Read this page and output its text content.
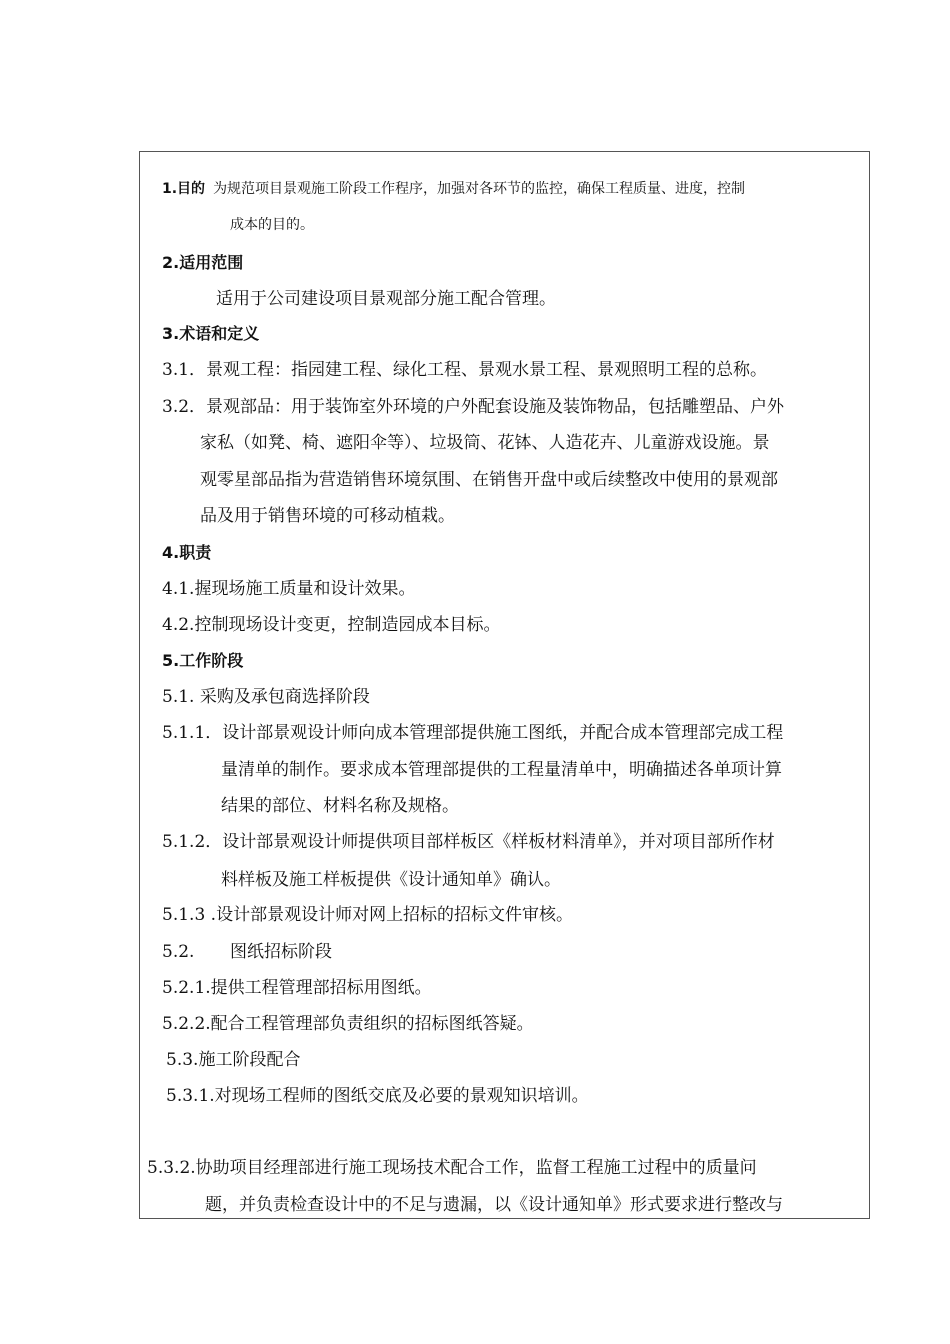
1.目的 为规范项目景观施工阶段工作程序，加强对各环节的监控，确保工程质量、进度，控制
成本的目的。
2.适用范围
适用于公司建设项目景观部分施工配合管理。
3.术语和定义
3.1．景观工程：指园建工程、绿化工程、景观水景工程、景观照明工程的总称。
3.2．景观部品：用于装饰室外环境的户外配套设施及装饰物品，包括雕塑品、户外
家私（如凳、椅、遮阳伞等）、垃圾筒、花钵、人造花卉、儿童游戏设施。景
观零星部品指为营造销售环境氛围、在销售开盘中或后续整改中使用的景观部
品及用于销售环境的可移动植栽。
4.职责
4.1.握现场施工质量和设计效果。
4.2.控制现场设计变更，控制造园成本目标。
5.工作阶段
5.1. 采购及承包商选择阶段
5.1.1．设计部景观设计师向成本管理部提供施工图纸，并配合成本管理部完成工程
量清单的制作。要求成本管理部提供的工程量清单中，明确描述各单项计算
结果的部位、材料名称及规格。
5.1.2．设计部景观设计师提供项目部样板区《样板材料清单》，并对项目部所作材
料样板及施工样板提供《设计通知单》确认。
5.1.3 .设计部景观设计师对网上招标的招标文件审核。
5.2. 图纸招标阶段
5.2.1.提供工程管理部招标用图纸。
5.2.2.配合工程管理部负责组织的招标图纸答疑。
5.3.施工阶段配合
5.3.1.对现场工程师的图纸交底及必要的景观知识培训。
5.3.2.协助项目经理部进行施工现场技术配合工作，监督工程施工过程中的质量问
题，并负责检查设计中的不足与遗漏，以《设计通知单》形式要求进行整改与
